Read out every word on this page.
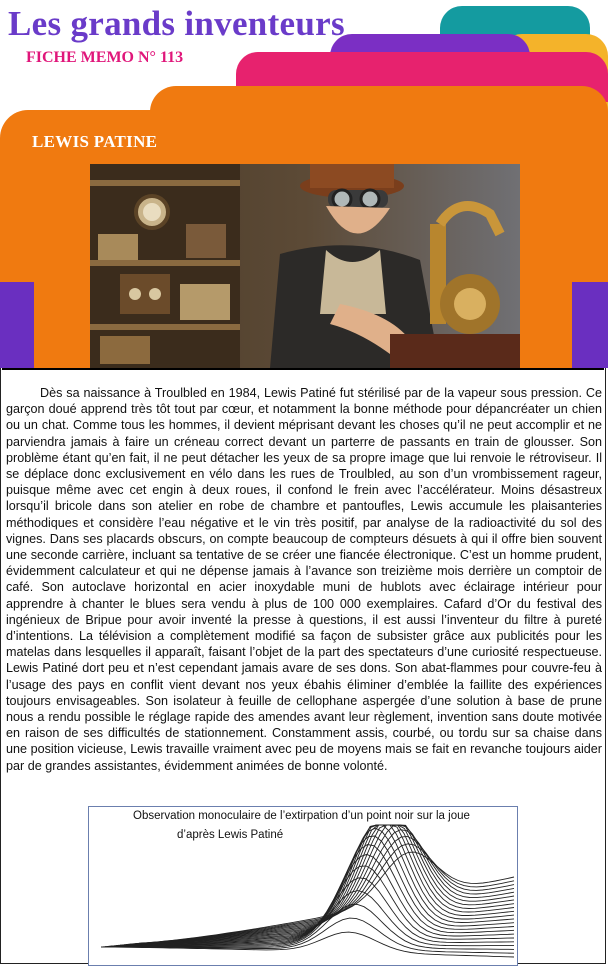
Les grands inventeurs
FICHE MEMO N° 113
LEWIS PATINE

Dès sa naissance à Troulbled en 1984, Lewis Patiné fut stérilisé par de la vapeur sous pression. Ce garçon doué apprend très tôt tout par cœur, et notamment la bonne méthode pour dépancréater un chien ou un chat. Comme tous les hommes, il devient méprisant devant les choses qu’il ne peut accomplir et ne parviendra jamais à faire un créneau correct devant un parterre de passants en train de glousser. Son problème étant qu’en fait, il ne peut détacher les yeux de sa propre image que lui renvoie le rétroviseur. Il se déplace donc exclusivement en vélo dans les rues de Troulbled, au son d’un vrombissement rageur, puisque même avec cet engin à deux roues, il confond le frein avec l’accélérateur. Moins désastreux lorsqu’il bricole dans son atelier en robe de chambre et pantoufles, Lewis accumule les plaisanteries méthodiques et considère l’eau négative et le vin très positif, par analyse de la radioactivité du sol des vignes. Dans ses placards obscurs, on compte beaucoup de compteurs désuets à qui il offre bien souvent une seconde carrière, incluant sa tentative de se créer une fiancée électronique. C’est un homme prudent, évidemment calculateur et qui ne dépense jamais à l’avance son treizième mois derrière un comptoir de café. Son autoclave horizontal en acier inoxydable muni de hublots avec éclairage intérieur pour apprendre à chanter le blues sera vendu à plus de 100 000 exemplaires. Cafard d’Or du festival des ingénieux de Bripue pour avoir inventé la presse à questions, il est aussi l’inventeur du filtre à pureté d’intentions. La télévision a complètement modifié sa façon de subsister grâce aux publicités pour les matelas dans lesquelles il apparaît, faisant l’objet de la part des spectateurs d’une curiosité respectueuse. Lewis Patiné dort peu et n’est cependant jamais avare de ses dons. Son abat-flammes pour couvre-feu à l’usage des pays en conflit vient devant nos yeux ébahis éliminer d’emblée la faillite des expériences toujours envisageables. Son isolateur à feuille de cellophane aspergée d’une solution à base de prune nous a rendu possible le réglage rapide des amendes avant leur règlement, invention sans doute motivée en raison de ses difficultés de stationnement. Constamment assis, courbé, ou tordu sur sa chaise dans une position vicieuse, Lewis travaille vraiment avec peu de moyens mais se fait en revanche toujours aider par de grandes assistantes, évidemment animées de bonne volonté.

Observation monoculaire de l’extirpation d’un point noir sur la joue
d’après Lewis Patiné
